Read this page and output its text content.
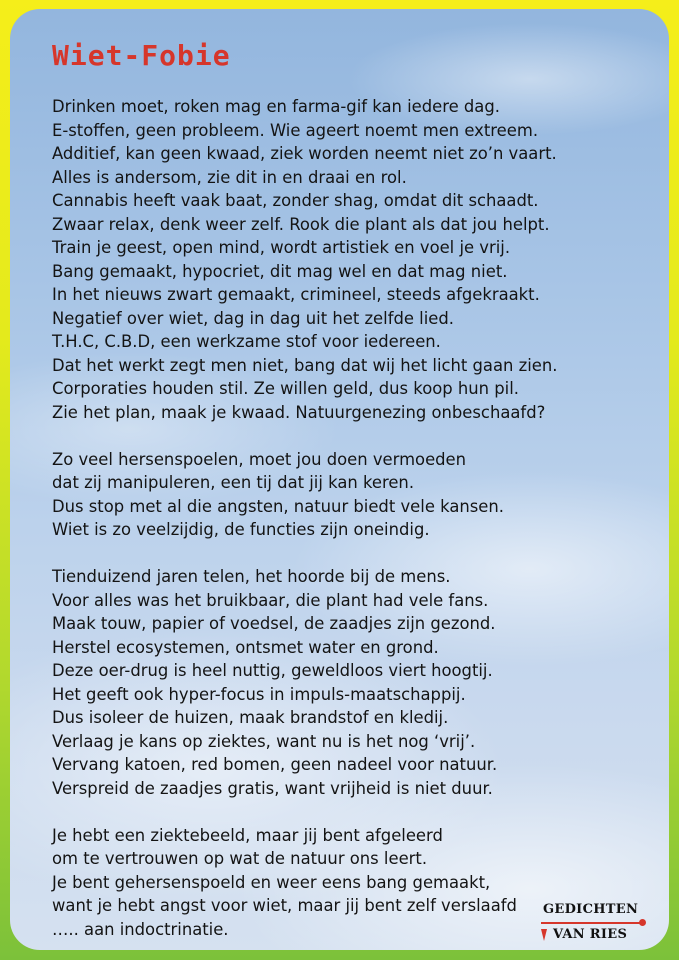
Wiet-Fobie
Drinken moet, roken mag en farma-gif kan iedere dag.
E-stoffen, geen probleem. Wie ageert noemt men extreem.
Additief, kan geen kwaad, ziek worden neemt niet zo’n vaart.
Alles is andersom, zie dit in en draai en rol.
Cannabis heeft vaak baat, zonder shag, omdat dit schaadt.
Zwaar relax, denk weer zelf. Rook die plant als dat jou helpt.
Train je geest, open mind, wordt artistiek en voel je vrij.
Bang gemaakt, hypocriet, dit mag wel en dat mag niet.
In het nieuws zwart gemaakt, crimineel, steeds afgekraakt.
Negatief over wiet, dag in dag uit het zelfde lied.
T.H.C, C.B.D, een werkzame stof voor iedereen.
Dat het werkt zegt men niet, bang dat wij het licht gaan zien.
Corporaties houden stil. Ze willen geld, dus koop hun pil.
Zie het plan, maak je kwaad. Natuurgenezing onbeschaafd?
Zo veel hersenspoelen, moet jou doen vermoeden
dat zij manipuleren, een tij dat jij kan keren.
Dus stop met al die angsten, natuur biedt vele kansen.
Wiet is zo veelzijdig, de functies zijn oneindig.
Tienduizend jaren telen, het hoorde bij de mens.
Voor alles was het bruikbaar, die plant had vele fans.
Maak touw, papier of voedsel, de zaadjes zijn gezond.
Herstel ecosystemen, ontsmet water en grond.
Deze oer-drug is heel nuttig, geweldloos viert hoogtij.
Het geeft ook hyper-focus in impuls-maatschappij.
Dus isoleer de huizen, maak brandstof en kledij.
Verlaag je kans op ziektes, want nu is het nog ‘vrij’.
Vervang katoen, red bomen, geen nadeel voor natuur.
Verspreid de zaadjes gratis, want vrijheid is niet duur.
Je hebt een ziektebeeld, maar jij bent afgeleerd
om te vertrouwen op wat de natuur ons leert.
Je bent gehersenspoeld en weer eens bang gemaakt,
want je hebt angst voor wiet, maar jij bent zelf verslaafd
….. aan indoctrinatie.
GEDICHTEN
VAN RIES
